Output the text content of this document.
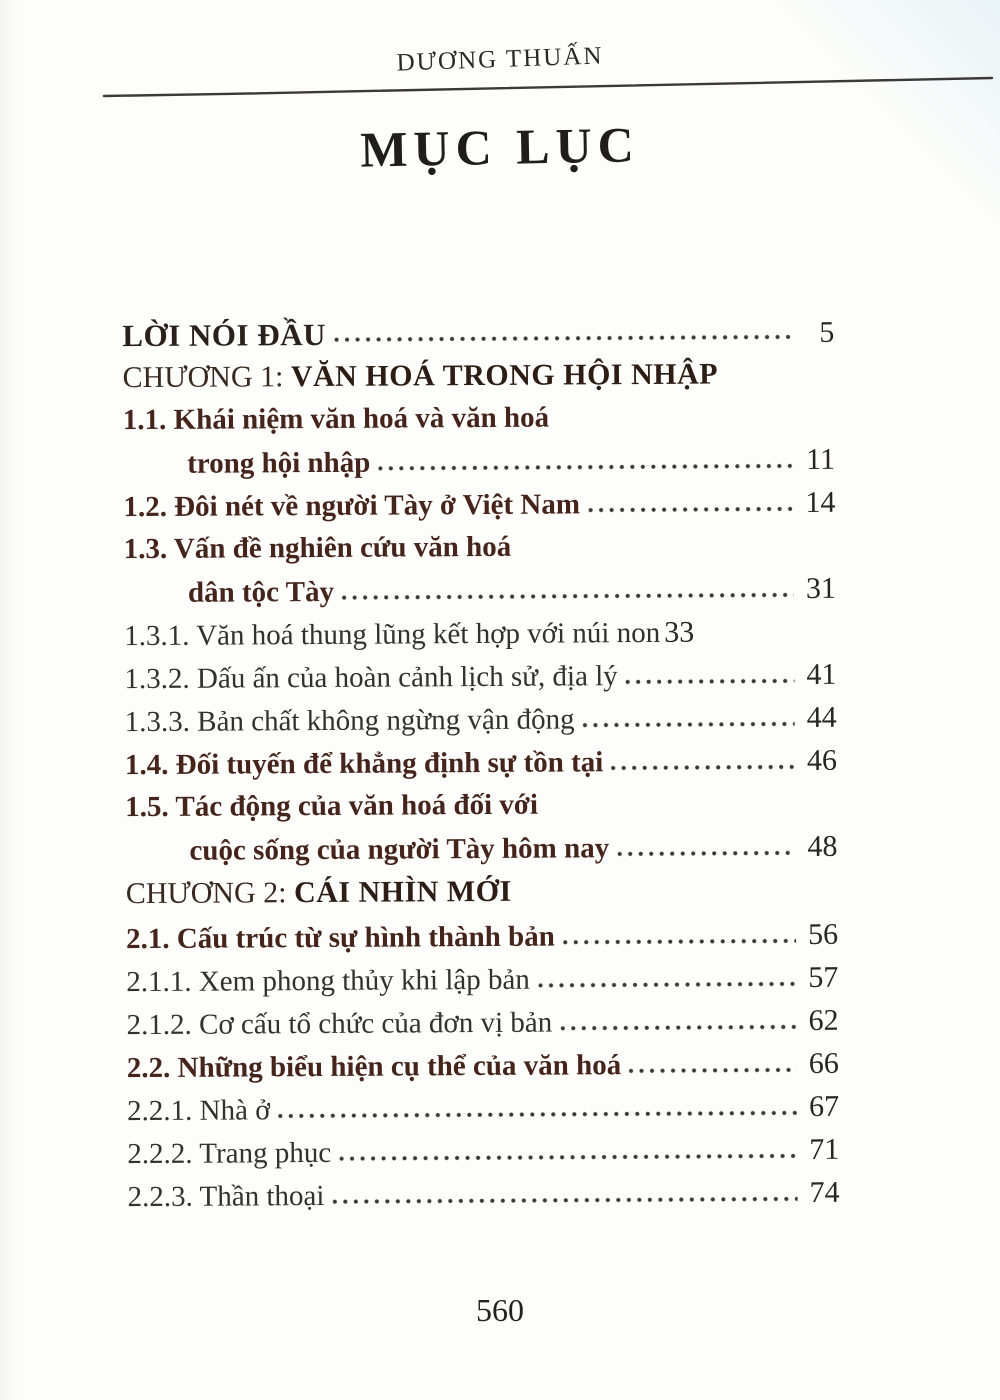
DƯƠNG THUẤN
MỤC LỤC
LỜI NÓI ĐẦU	5
CHƯƠNG 1: VĂN HOÁ TRONG HỘI NHẬP
1.1. Khái niệm văn hoá và văn hoá
trong hội nhập	11
1.2. Đôi nét về người Tày ở Việt Nam	14
1.3. Vấn đề nghiên cứu văn hoá
dân tộc Tày	31
1.3.1. Văn hoá thung lũng kết hợp với núi non 33
1.3.2. Dấu ấn của hoàn cảnh lịch sử, địa lý	41
1.3.3. Bản chất không ngừng vận động	44
1.4. Đối tuyến để khẳng định sự tồn tại	46
1.5. Tác động của văn hoá đối với
cuộc sống của người Tày hôm nay	48
CHƯƠNG 2: CÁI NHÌN MỚI
2.1. Cấu trúc từ sự hình thành bản	56
2.1.1. Xem phong thủy khi lập bản	57
2.1.2. Cơ cấu tổ chức của đơn vị bản	62
2.2. Những biểu hiện cụ thể của văn hoá	66
2.2.1. Nhà ở	67
2.2.2. Trang phục	71
2.2.3. Thần thoại	74
560
